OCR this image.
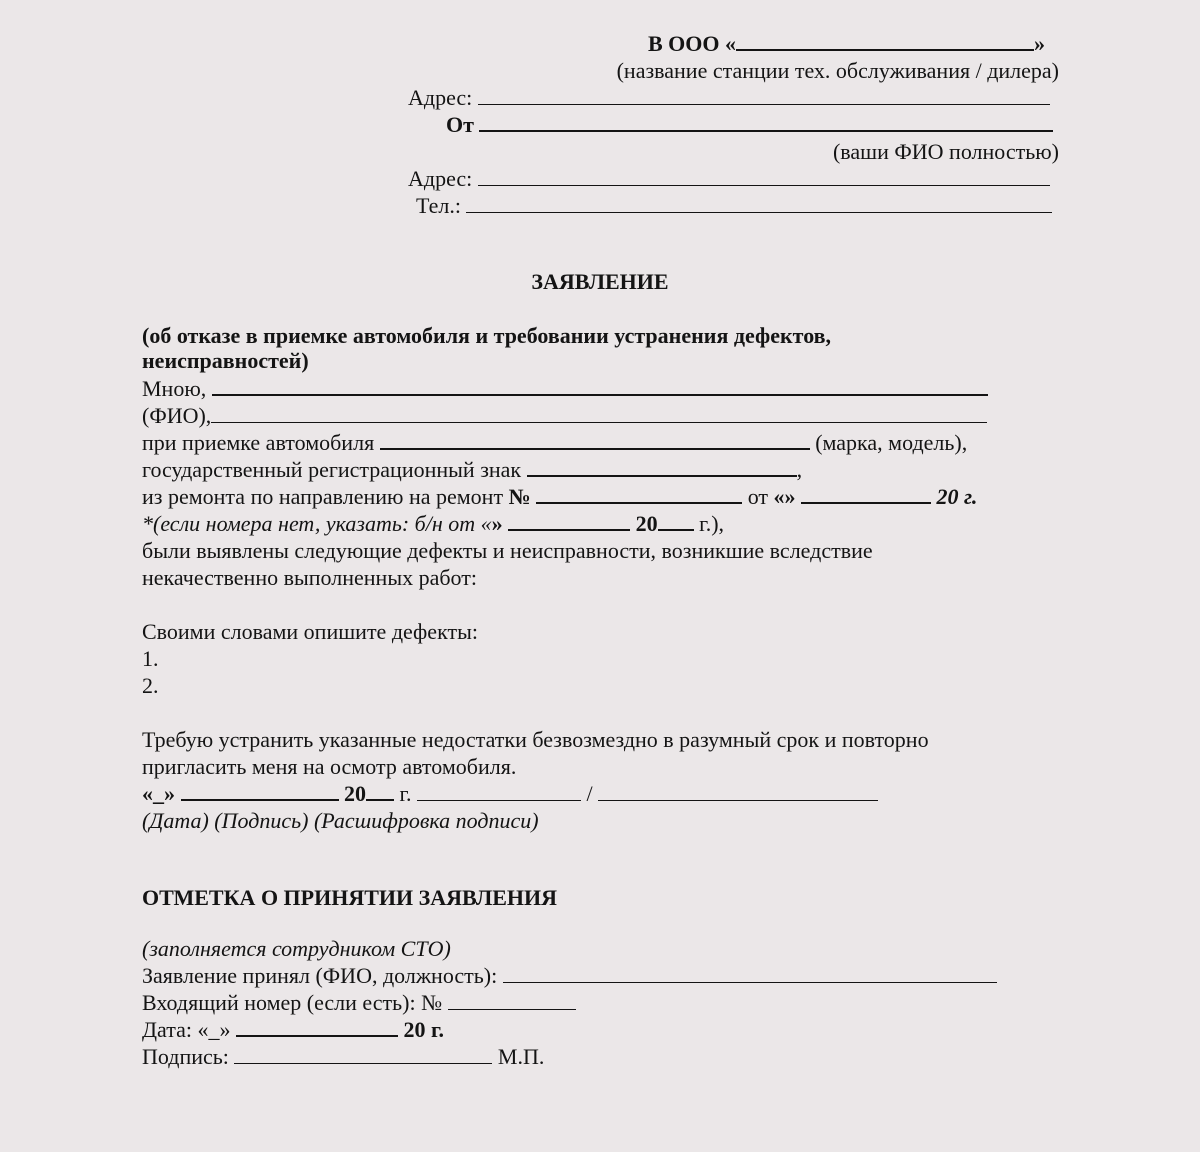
В ООО «	»
(название станции тех. обслуживания / дилера)
Адрес:
От
(ваши ФИО полностью)
Адрес:
Тел.:
ЗАЯВЛЕНИЕ
(об отказе в приемке автомобиля и требовании устранения дефектов,
неисправностей)
Мною,
(ФИО),
при приемке автомобиля	(марка, модель),
государственный регистрационный знак	,
из ремонта по направлению на ремонт №	от «»	20 г.
*(если номера нет, указать: б/н от «»	20 г.),
были выявлены следующие дефекты и неисправности, возникшие вследствие
некачественно выполненных работ:
Своими словами опишите дефекты:
1.
2.
Требую устранить указанные недостатки безвозмездно в разумный срок и повторно
пригласить меня на осмотр автомобиля.
«_»	20 г.	/
(Дата) (Подпись) (Расшифровка подписи)
ОТМЕТКА О ПРИНЯТИИ ЗАЯВЛЕНИЯ
(заполняется сотрудником СТО)
Заявление принял (ФИО, должность):
Входящий номер (если есть): №
Дата: «_»	20 г.
Подпись:	М.П.
